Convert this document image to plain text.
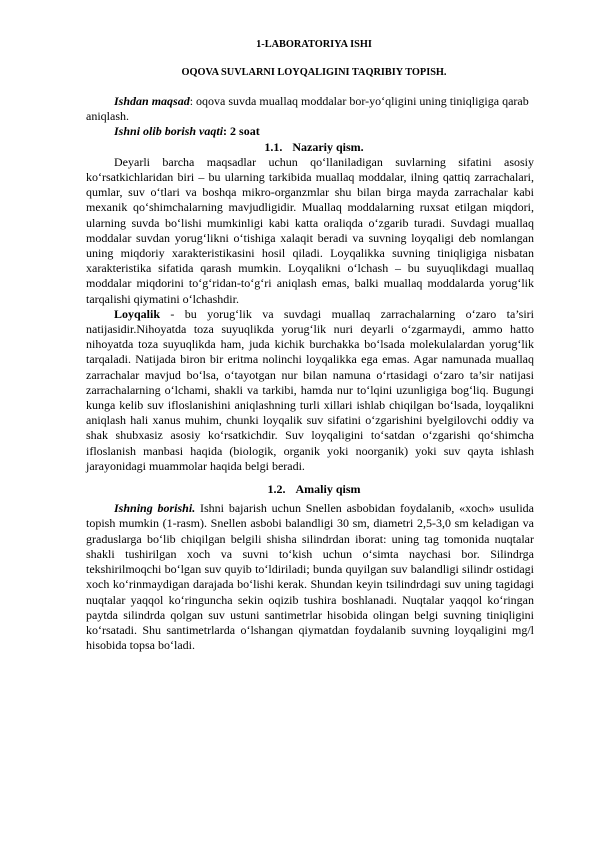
1-LABORATORIYA ISHI
OQOVA SUVLARNI LOYQALIGINI TAQRIBIY TOPISH.

Ishdan maqsad: oqova suvda muallaq moddalar bor-yo‘qligini uning tiniqligiga qarab aniqlash.

Ishni olib borish vaqti: 2 soat

1.1. Nazariy qism.

Deyarli barcha maqsadlar uchun qo‘llaniladigan suvlarning sifatini asosiy ko‘rsatkichlaridan biri – bu ularning tarkibida muallaq moddalar, ilning qattiq zarrachalari, qumlar, suv o‘tlari va boshqa mikro-organzmlar shu bilan birga mayda zarrachalar kabi mexanik qo‘shimchalarning mavjudligidir. Muallaq moddalarning ruxsat etilgan miqdori, ularning suvda bo‘lishi mumkinligi kabi katta oraliqda o‘zgarib turadi. Suvdagi muallaq moddalar suvdan yorug‘likni o‘tishiga xalaqit beradi va suvning loyqaligi deb nomlangan uning miqdoriy xarakteristikasini hosil qiladi. Loyqalikka suvning tiniqligiga nisbatan xarakteristika sifatida qarash mumkin. Loyqalikni o‘lchash – bu suyuqlikdagi muallaq moddalar miqdorini to‘g‘ridan-to‘g‘ri aniqlash emas, balki muallaq moddalarda yorug‘lik tarqalishi qiymatini o‘lchashdir.

Loyqalik - bu yorug‘lik va suvdagi muallaq zarrachalarning o‘zaro ta’siri natijasidir.Nihoyatda toza suyuqlikda yorug‘lik nuri deyarli o‘zgarmaydi, ammo hatto nihoyatda toza suyuqlikda ham, juda kichik burchakka bo‘lsada molekulalardan yorug‘lik tarqaladi. Natijada biron bir eritma nolinchi loyqalikka ega emas. Agar namunada muallaq zarrachalar mavjud bo‘lsa, o‘tayotgan nur bilan namuna o‘rtasidagi o‘zaro ta’sir natijasi zarrachalarning o‘lchami, shakli va tarkibi, hamda nur to‘lqini uzunligiga bog‘liq. Bugungi kunga kelib suv ifloslanishini aniqlashning turli xillari ishlab chiqilgan bo‘lsada, loyqalikni aniqlash hali xanus muhim, chunki loyqalik suv sifatini o‘zgarishini byelgilovchi oddiy va shak shubxasiz asosiy ko‘rsatkichdir. Suv loyqaligini to‘satdan o‘zgarishi qo‘shimcha ifloslanish manbasi haqida (biologik, organik yoki noorganik) yoki suv qayta ishlash jarayonidagi muammolar haqida belgi beradi.

1.2. Amaliy qism

Ishning borishi. Ishni bajarish uchun Snellen asbobidan foydalanib, «xoch» usulida topish mumkin (1-rasm). Snellen asbobi balandligi 30 sm, diametri 2,5-3,0 sm keladigan va graduslarga bo‘lib chiqilgan belgili shisha silindrdan iborat: uning tag tomonida nuqtalar shakli tushirilgan xoch va suvni to‘kish uchun o‘simta naychasi bor. Silindrga tekshirilmoqchi bo‘lgan suv quyib to‘ldiriladi; bunda quyilgan suv balandligi silindr ostidagi xoch ko‘rinmaydigan darajada bo‘lishi kerak. Shundan keyin tsilindrdagi suv uning tagidagi nuqtalar yaqqol ko‘ringuncha sekin oqizib tushira boshlanadi. Nuqtalar yaqqol ko‘ringan paytda silindrda qolgan suv ustuni santimetrlar hisobida olingan belgi suvning tiniqligini ko‘rsatadi. Shu santimetrlarda o‘lshangan qiymatdan foydalanib suvning loyqaligini mg/l hisobida topsa bo‘ladi.
